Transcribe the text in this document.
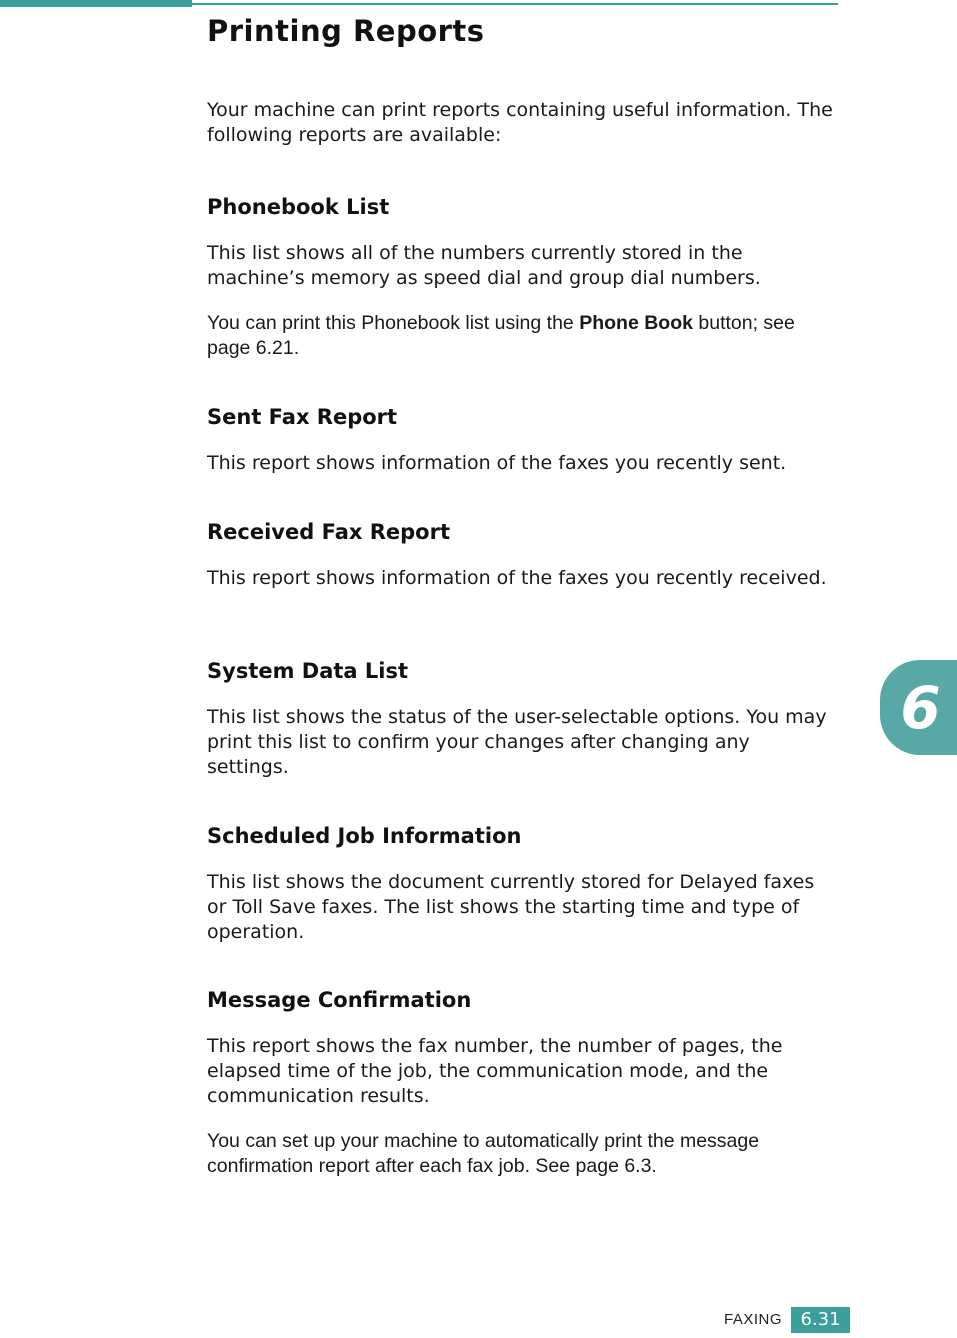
Printing Reports

Your machine can print reports containing useful information. The following reports are available:

Phonebook List

This list shows all of the numbers currently stored in the machine’s memory as speed dial and group dial numbers.

You can print this Phonebook list using the Phone Book button; see page 6.21.

Sent Fax Report

This report shows information of the faxes you recently sent.

Received Fax Report

This report shows information of the faxes you recently received.

System Data List

This list shows the status of the user-selectable options. You may print this list to confirm your changes after changing any settings.

Scheduled Job Information

This list shows the document currently stored for Delayed faxes or Toll Save faxes. The list shows the starting time and type of operation.

Message Confirmation

This report shows the fax number, the number of pages, the elapsed time of the job, the communication mode, and the communication results.

You can set up your machine to automatically print the message confirmation report after each fax job. See page 6.3.

6
FAXING	6.31
